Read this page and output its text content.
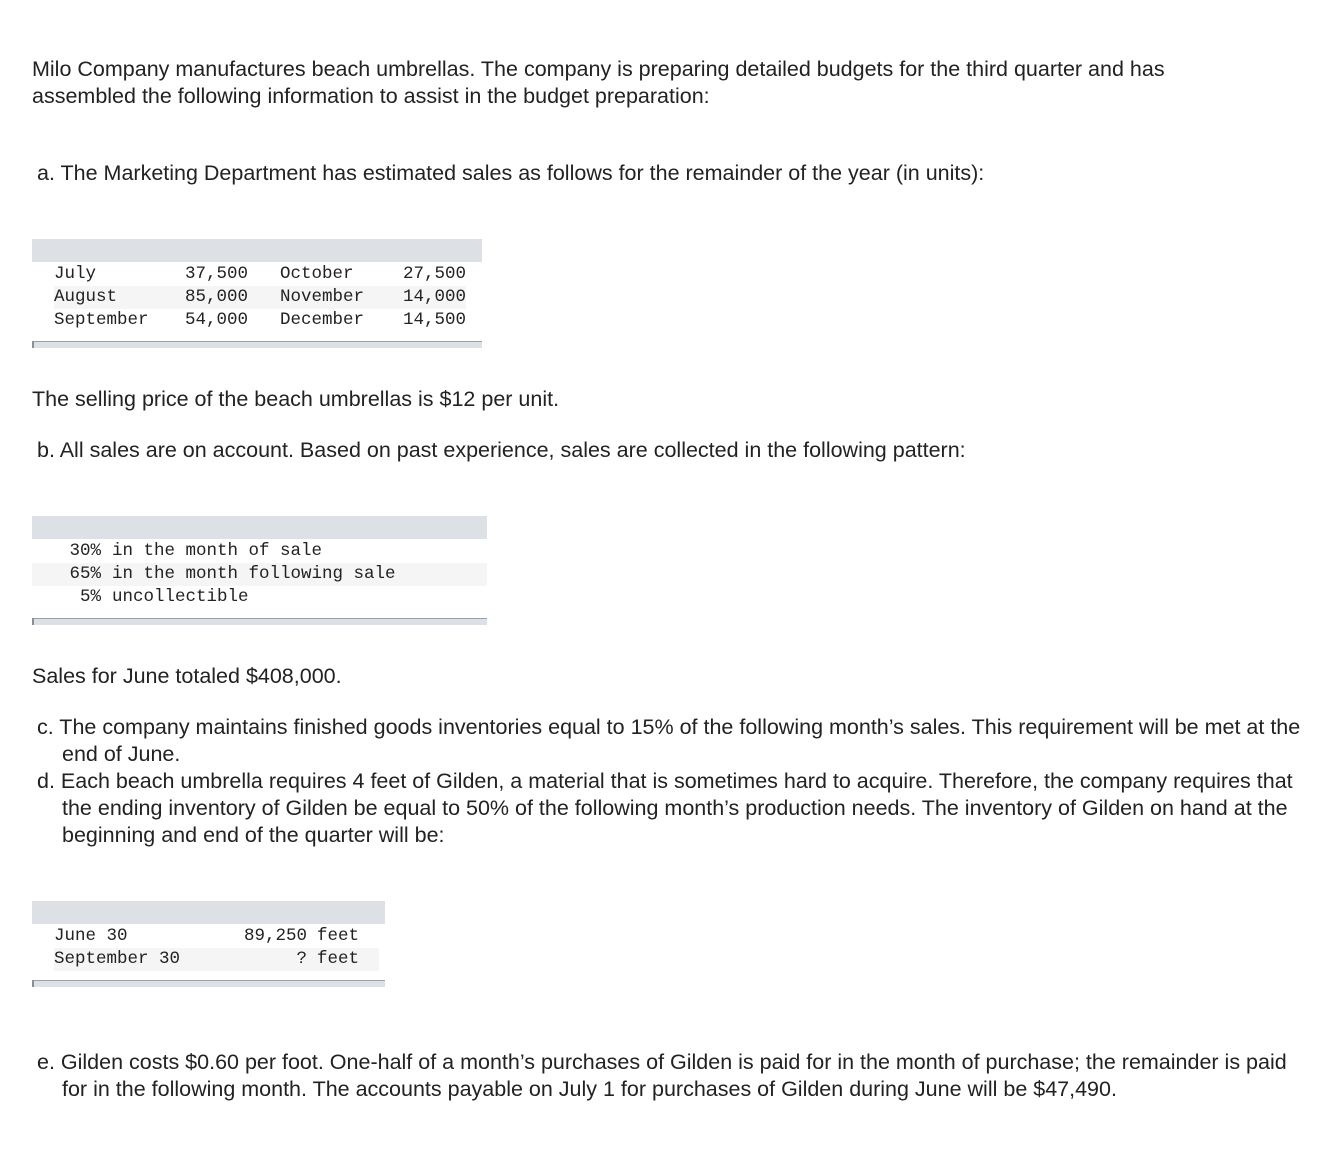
Milo Company manufactures beach umbrellas. The company is preparing detailed budgets for the third quarter and has assembled the following information to assist in the budget preparation:

a. The Marketing Department has estimated sales as follows for the remainder of the year (in units):

July	37,500		October	27,500
August	85,000		November	14,000
September	54,000		December	14,500

The selling price of the beach umbrellas is $12 per unit.

b. All sales are on account. Based on past experience, sales are collected in the following pattern:

30%	in the month of sale
65%	in the month following sale
5%	uncollectible

Sales for June totaled $408,000.

c. The company maintains finished goods inventories equal to 15% of the following month’s sales. This requirement will be met at the end of June.

d. Each beach umbrella requires 4 feet of Gilden, a material that is sometimes hard to acquire. Therefore, the company requires that the ending inventory of Gilden be equal to 50% of the following month’s production needs. The inventory of Gilden on hand at the beginning and end of the quarter will be:

June 30	89,250	feet
September 30	?	feet

e. Gilden costs $0.60 per foot. One-half of a month’s purchases of Gilden is paid for in the month of purchase; the remainder is paid for in the following month. The accounts payable on July 1 for purchases of Gilden during June will be $47,490.
